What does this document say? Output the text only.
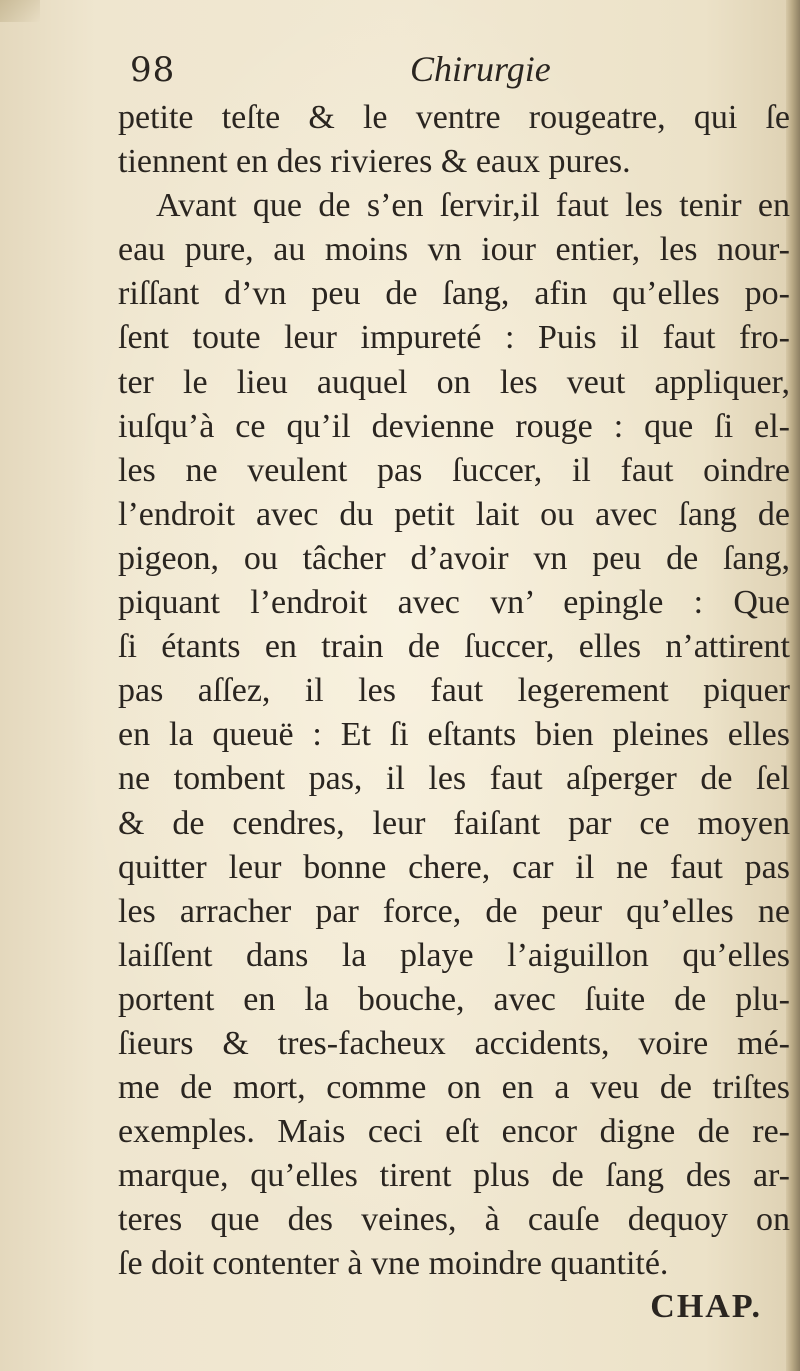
98	Chirurgie
petite teſte & le ventre rougeatre, qui ſe
tiennent en des rivieres & eaux pures.
Avant que de s’en ſervir,il faut les tenir en
eau pure, au moins vn iour entier, les nour-
riſſant d’vn peu de ſang, afin qu’elles po-
ſent toute leur impureté : Puis il faut fro-
ter le lieu auquel on les veut appliquer,
iuſqu’à ce qu’il devienne rouge : que ſi el-
les ne veulent pas ſuccer, il faut oindre
l’endroit avec du petit lait ou avec ſang de
pigeon, ou tâcher d’avoir vn peu de ſang,
piquant l’endroit avec vn’ epingle : Que
ſi étants en train de ſuccer, elles n’attirent
pas aſſez, il les faut legerement piquer
en la queuë : Et ſi eſtants bien pleines elles
ne tombent pas, il les faut aſperger de ſel
& de cendres, leur faiſant par ce moyen
quitter leur bonne chere, car il ne faut pas
les arracher par force, de peur qu’elles ne
laiſſent dans la playe l’aiguillon qu’elles
portent en la bouche, avec ſuite de plu-
ſieurs & tres-facheux accidents, voire mé-
me de mort, comme on en a veu de triſtes
exemples. Mais ceci eſt encor digne de re-
marque, qu’elles tirent plus de ſang des ar-
teres que des veines, à cauſe dequoy on
ſe doit contenter à vne moindre quantité.
CHAP.
